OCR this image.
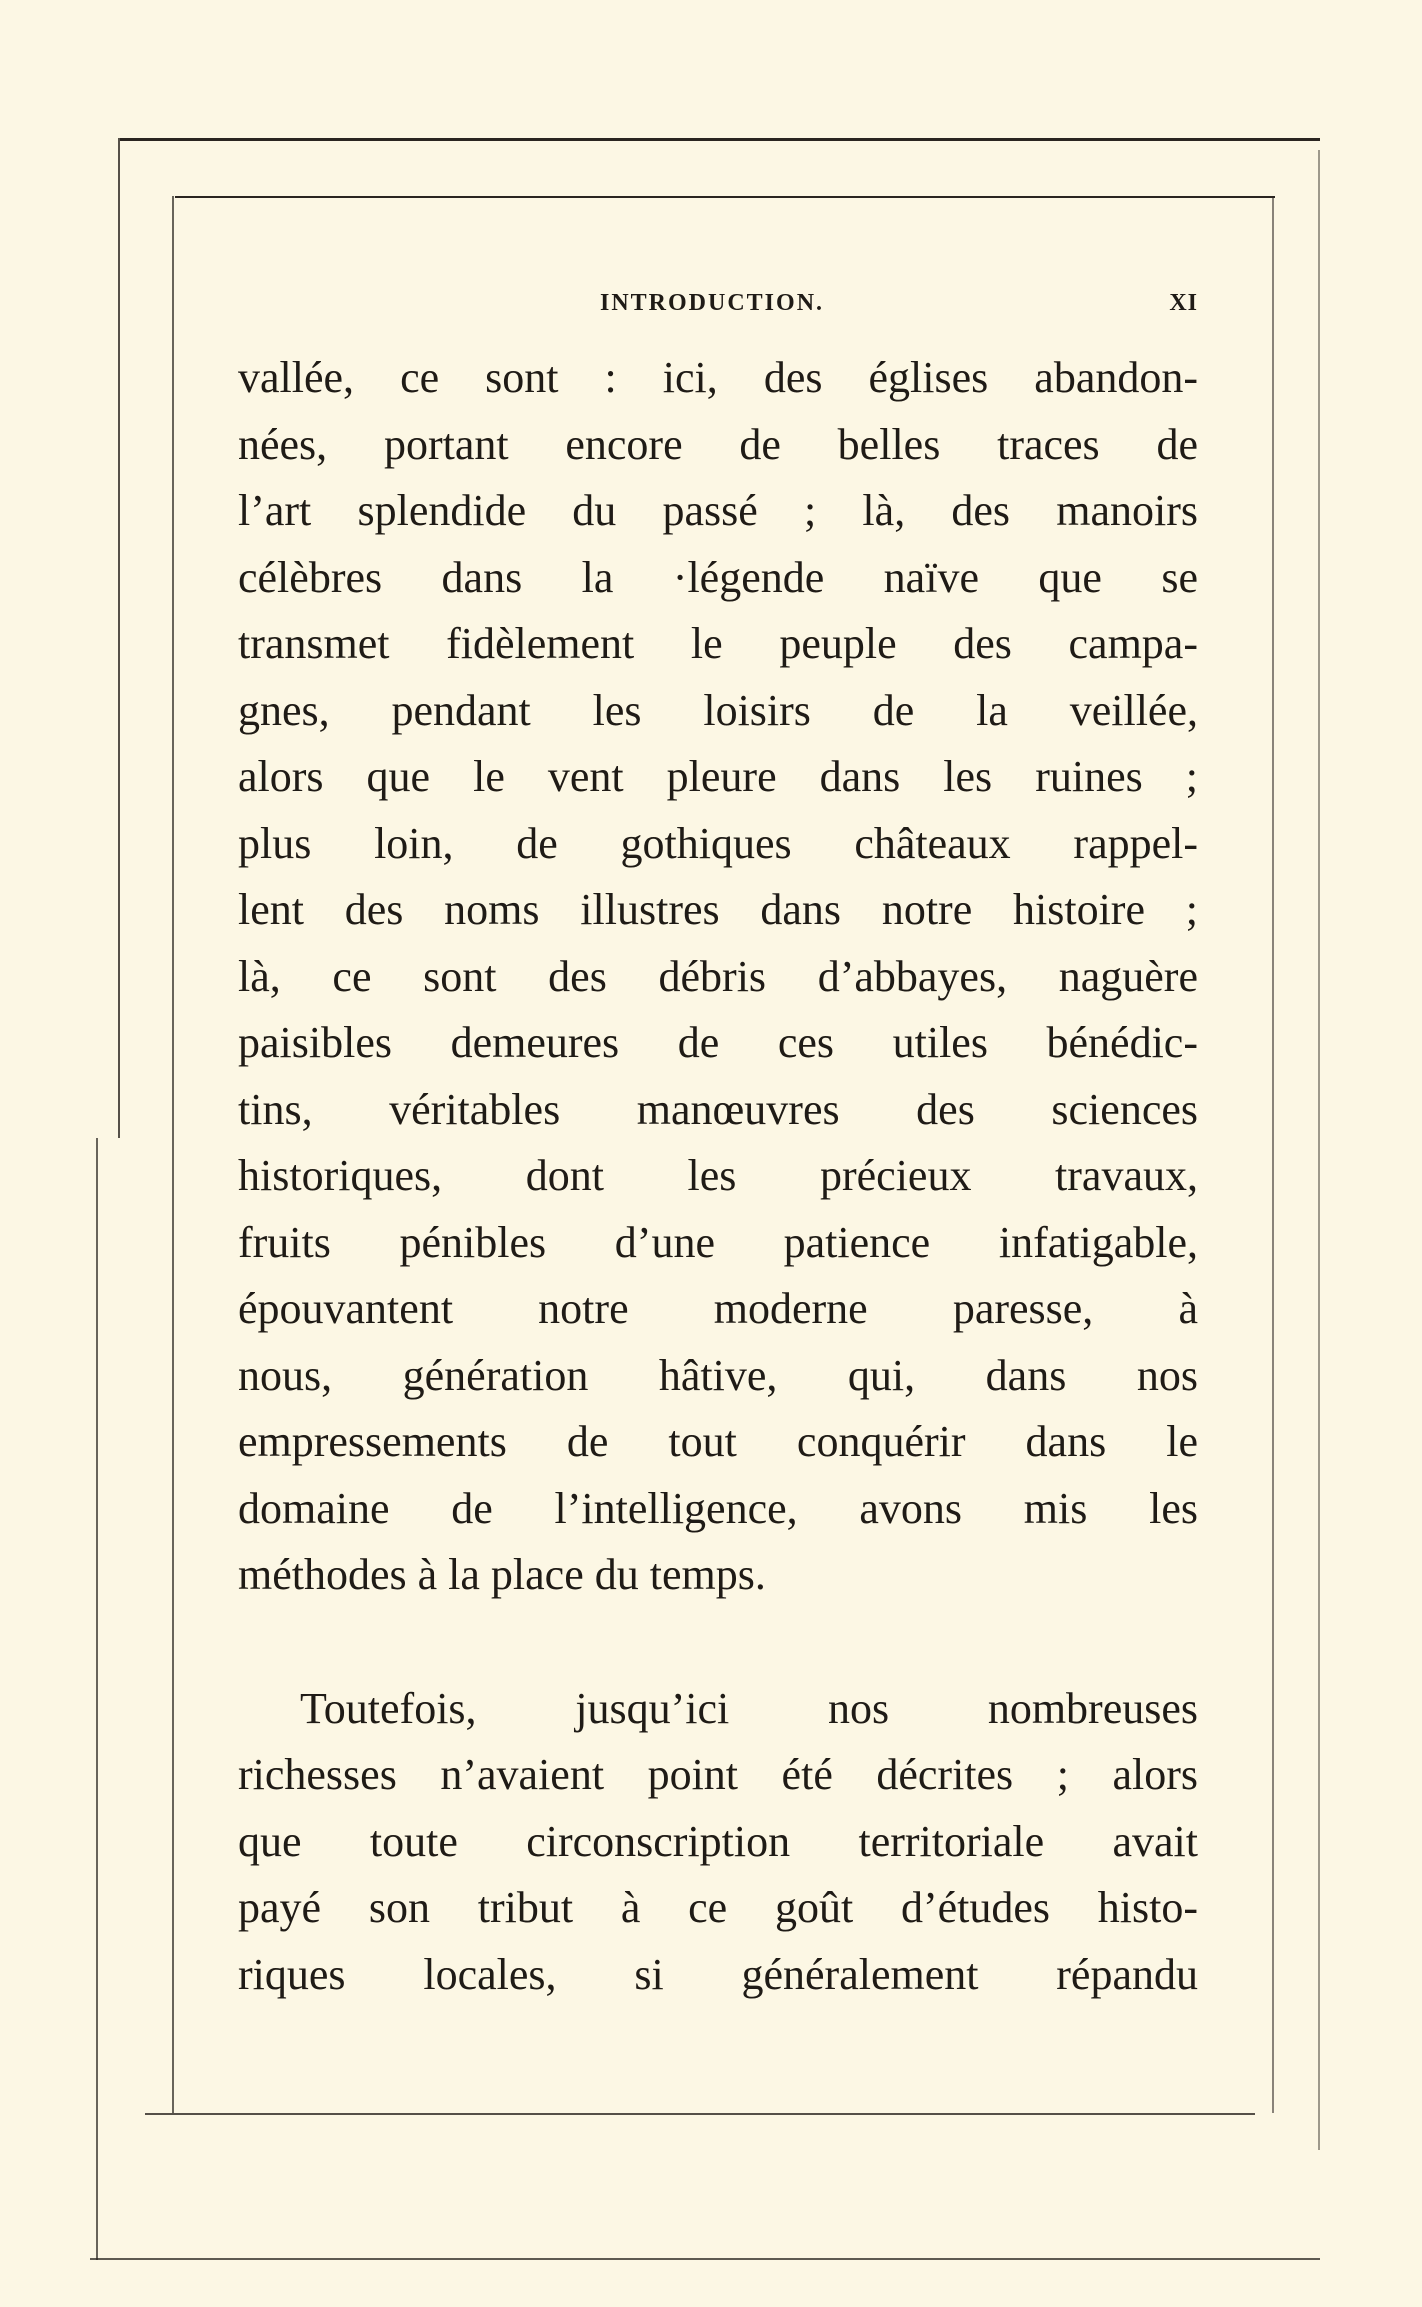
INTRODUCTION.	XI
vallée, ce sont : ici, des églises abandon-
nées, portant encore de belles traces de
l’art splendide du passé ; là, des manoirs
célèbres dans la ·légende naïve que se
transmet fidèlement le peuple des campa-
gnes, pendant les loisirs de la veillée,
alors que le vent pleure dans les ruines ;
plus loin, de gothiques châteaux rappel-
lent des noms illustres dans notre histoire ;
là, ce sont des débris d’abbayes, naguère
paisibles demeures de ces utiles bénédic-
tins, véritables manœuvres des sciences
historiques, dont les précieux travaux,
fruits pénibles d’une patience infatigable,
épouvantent notre moderne paresse, à
nous, génération hâtive, qui, dans nos
empressements de tout conquérir dans le
domaine de l’intelligence, avons mis les
méthodes à la place du temps.
Toutefois, jusqu’ici nos nombreuses
richesses n’avaient point été décrites ; alors
que toute circonscription territoriale avait
payé son tribut à ce goût d’études histo-
riques locales, si généralement répandu
